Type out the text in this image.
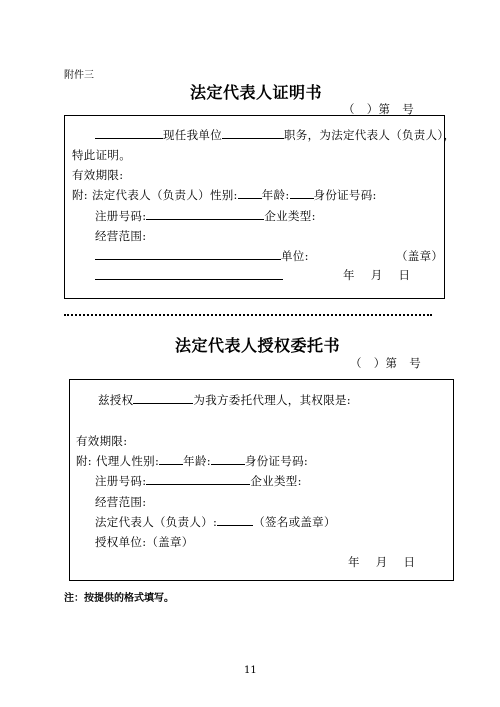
附件三
法定代表人证明书
（ ）第 号
现任我单位	职务，为法定代表人（负责人），
特此证明。
有效期限:
附: 法定代表人（负责人）性别: 年龄: 身份证号码:
注册号码:	企业类型:
经营范围:
单位:	（盖章）
年 月 日
法定代表人授权委托书
（ ）第 号
兹授权	为我方委托代理人，其权限是:
有效期限:
附: 代理人性别: 年龄:	身份证号码:
注册号码:	企业类型:
经营范围:
法定代表人（负责人）:	（签名或盖章）
授权单位:（盖章）
年 月 日
注：按提供的格式填写。
11
